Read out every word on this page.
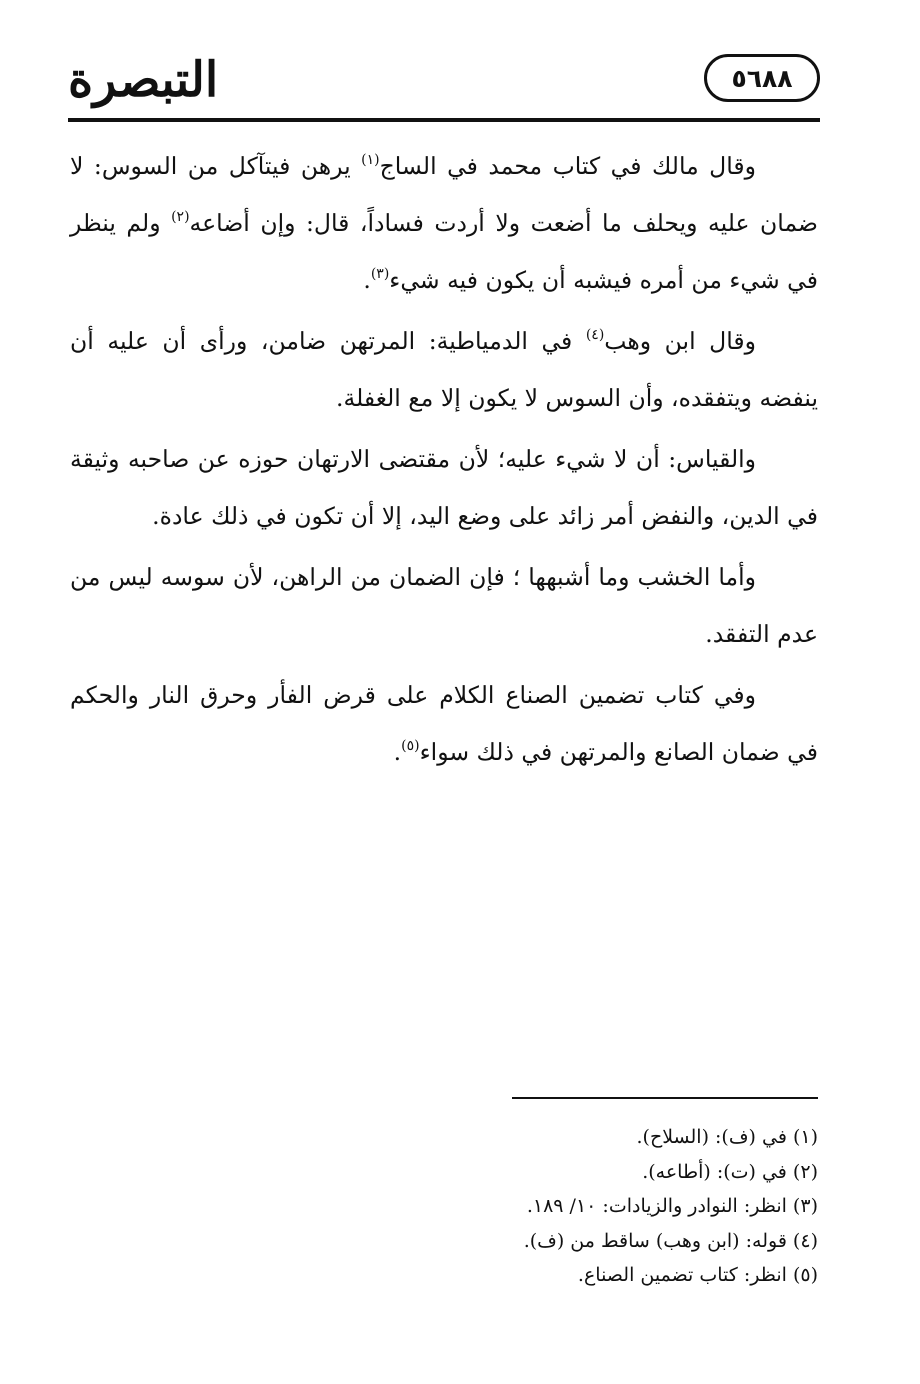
التبصرة	٥٦٨٨

وقال مالك في كتاب محمد في الساج$^{(١)}$ يرهن فيتآكل من السوس: لا ضمان عليه ويحلف ما أضعت ولا أردت فساداً، قال: وإن أضاعه$^{(٢)}$ ولم ينظر في شيء من أمره فيشبه أن يكون فيه شيء$^{(٣)}$.

وقال ابن وهب$^{(٤)}$ في الدمياطية: المرتهن ضامن، ورأى أن عليه أن ينفضه ويتفقده، وأن السوس لا يكون إلا مع الغفلة.

والقياس: أن لا شيء عليه؛ لأن مقتضى الارتهان حوزه عن صاحبه وثيقة في الدين، والنفض أمر زائد على وضع اليد، إلا أن تكون في ذلك عادة.

وأما الخشب وما أشبهها ؛ فإن الضمان من الراهن، لأن سوسه ليس من عدم التفقد.

وفي كتاب تضمين الصناع الكلام على قرض الفأر وحرق النار والحكم في ضمان الصانع والمرتهن في ذلك سواء$^{(٥)}$.

(١) في (ف): (السلاح).
(٢) في (ت): (أطاعه).
(٣) انظر: النوادر والزيادات: ١٠/ ١٨٩.
(٤) قوله: (ابن وهب) ساقط من (ف).
(٥) انظر: كتاب تضمين الصناع.
